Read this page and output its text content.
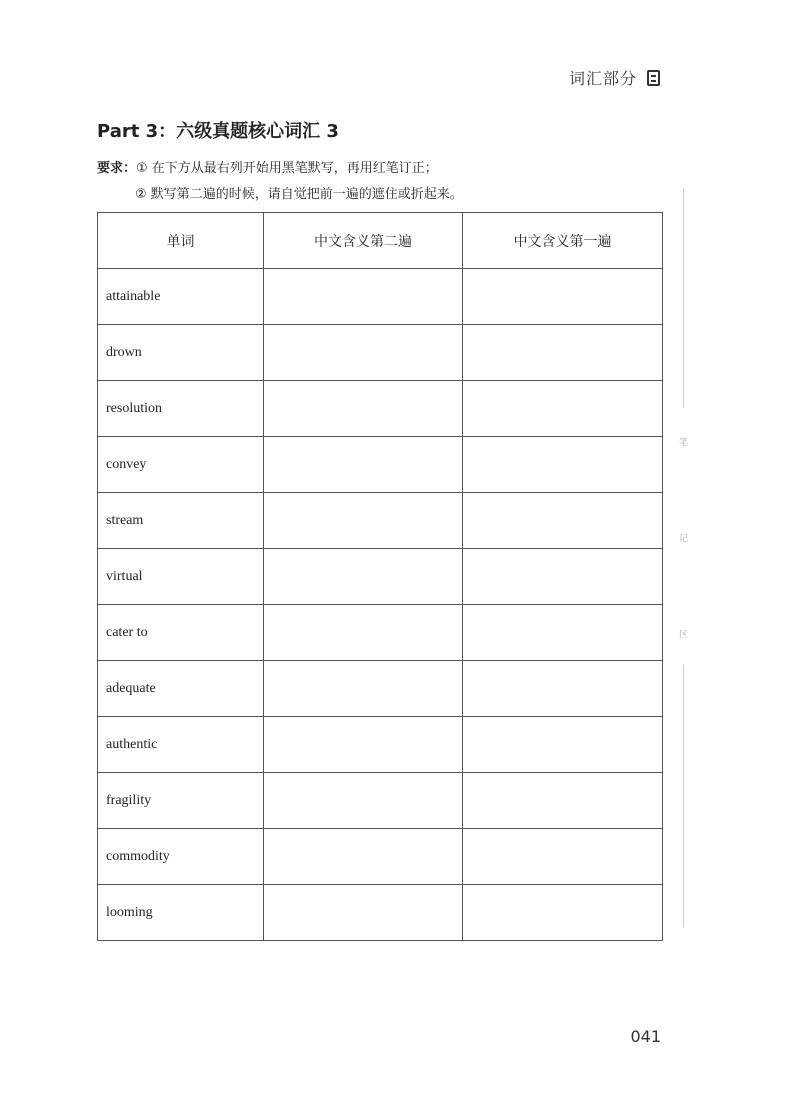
词汇部分
Part 3：六级真题核心词汇 3
要求：① 在下方从最右列开始用黑笔默写，再用红笔订正；
② 默写第二遍的时候，请自觉把前一遍的遮住或折起来。
单词	中文含义第二遍	中文含义第一遍
attainable		
drown		
resolution		
convey		
stream		
virtual		
cater to		
adequate		
authentic		
fragility		
commodity		
looming		
笔
记
区
041
